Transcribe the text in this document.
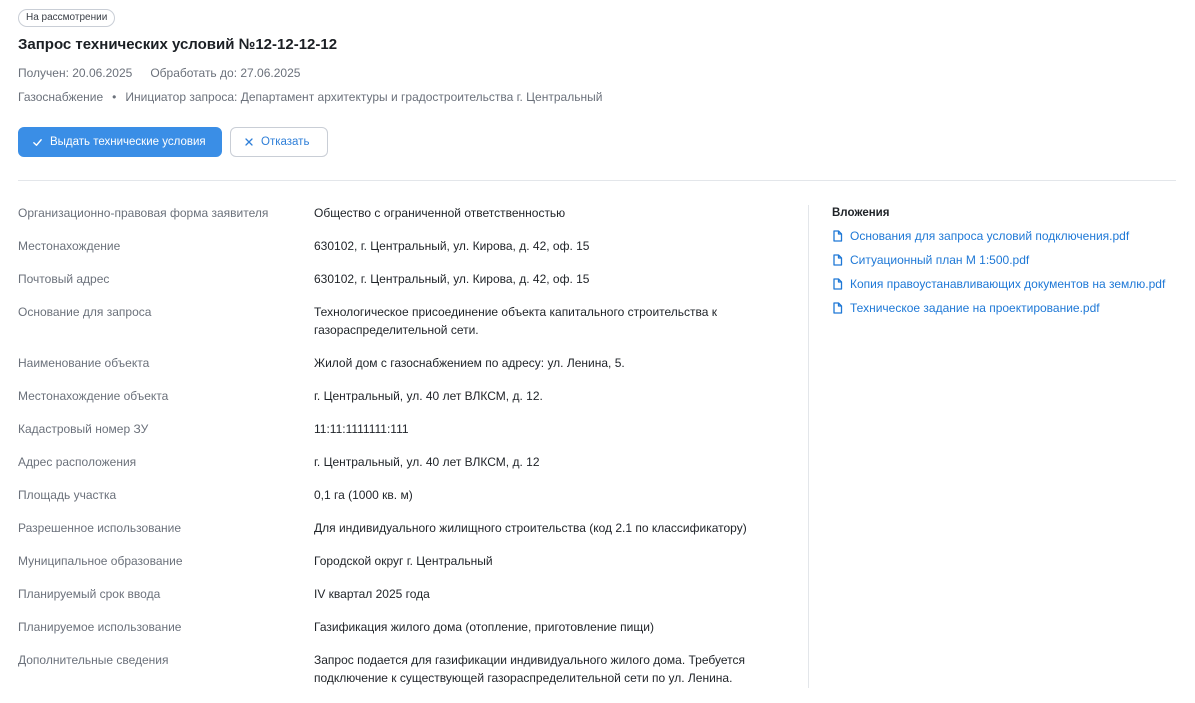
На рассмотрении
Запрос технических условий №12-12-12-12
Получен: 20.06.2025 Обработать до: 27.06.2025
Газоснабжение • Инициатор запроса: Департамент архитектуры и градостроительства г. Центральный
Выдать технические условия	Отказать
Организационно-правовая форма заявителя	Общество с ограниченной ответственностью
Местонахождение	630102, г. Центральный, ул. Кирова, д. 42, оф. 15
Почтовый адрес	630102, г. Центральный, ул. Кирова, д. 42, оф. 15
Основание для запроса	Технологическое присоединение объекта капитального строительства к газораспределительной сети.
Наименование объекта	Жилой дом с газоснабжением по адресу: ул. Ленина, 5.
Местонахождение объекта	г. Центральный, ул. 40 лет ВЛКСМ, д. 12.
Кадастровый номер ЗУ	11:11:1111111:111
Адрес расположения	г. Центральный, ул. 40 лет ВЛКСМ, д. 12
Площадь участка	0,1 га (1000 кв. м)
Разрешенное использование	Для индивидуального жилищного строительства (код 2.1 по классификатору)
Муниципальное образование	Городской округ г. Центральный
Планируемый срок ввода	IV квартал 2025 года
Планируемое использование	Газификация жилого дома (отопление, приготовление пищи)
Дополнительные сведения	Запрос подается для газификации индивидуального жилого дома. Требуется подключение к существующей газораспределительной сети по ул. Ленина.
Вложения
Основания для запроса условий подключения.pdf
Ситуационный план М 1:500.pdf
Копия правоустанавливающих документов на землю.pdf
Техническое задание на проектирование.pdf
